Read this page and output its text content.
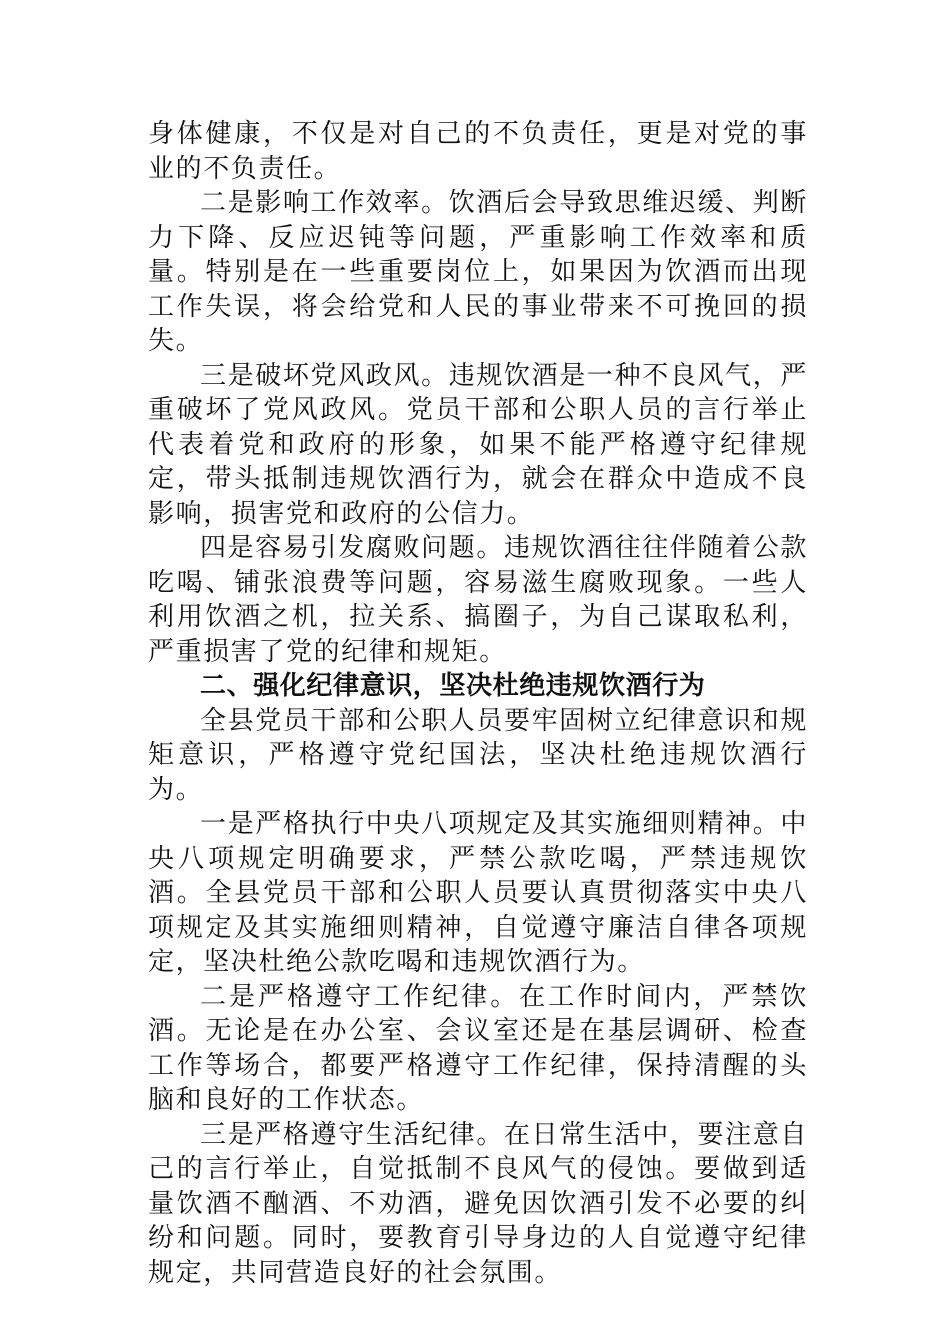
身体健康，不仅是对自己的不负责任，更是对党的事业的不负责任。

二是影响工作效率。饮酒后会导致思维迟缓、判断力下降、反应迟钝等问题，严重影响工作效率和质量。特别是在一些重要岗位上，如果因为饮酒而出现工作失误，将会给党和人民的事业带来不可挽回的损失。

三是破坏党风政风。违规饮酒是一种不良风气，严重破坏了党风政风。党员干部和公职人员的言行举止代表着党和政府的形象，如果不能严格遵守纪律规定，带头抵制违规饮酒行为，就会在群众中造成不良影响，损害党和政府的公信力。

四是容易引发腐败问题。违规饮酒往往伴随着公款吃喝、铺张浪费等问题，容易滋生腐败现象。一些人利用饮酒之机，拉关系、搞圈子，为自己谋取私利，严重损害了党的纪律和规矩。

二、强化纪律意识，坚决杜绝违规饮酒行为

全县党员干部和公职人员要牢固树立纪律意识和规矩意识，严格遵守党纪国法，坚决杜绝违规饮酒行为。

一是严格执行中央八项规定及其实施细则精神。中央八项规定明确要求，严禁公款吃喝，严禁违规饮酒。全县党员干部和公职人员要认真贯彻落实中央八项规定及其实施细则精神，自觉遵守廉洁自律各项规定，坚决杜绝公款吃喝和违规饮酒行为。

二是严格遵守工作纪律。在工作时间内，严禁饮酒。无论是在办公室、会议室还是在基层调研、检查工作等场合，都要严格遵守工作纪律，保持清醒的头脑和良好的工作状态。

三是严格遵守生活纪律。在日常生活中，要注意自己的言行举止，自觉抵制不良风气的侵蚀。要做到适量饮酒不酗酒、不劝酒，避免因饮酒引发不必要的纠纷和问题。同时，要教育引导身边的人自觉遵守纪律规定，共同营造良好的社会氛围。
